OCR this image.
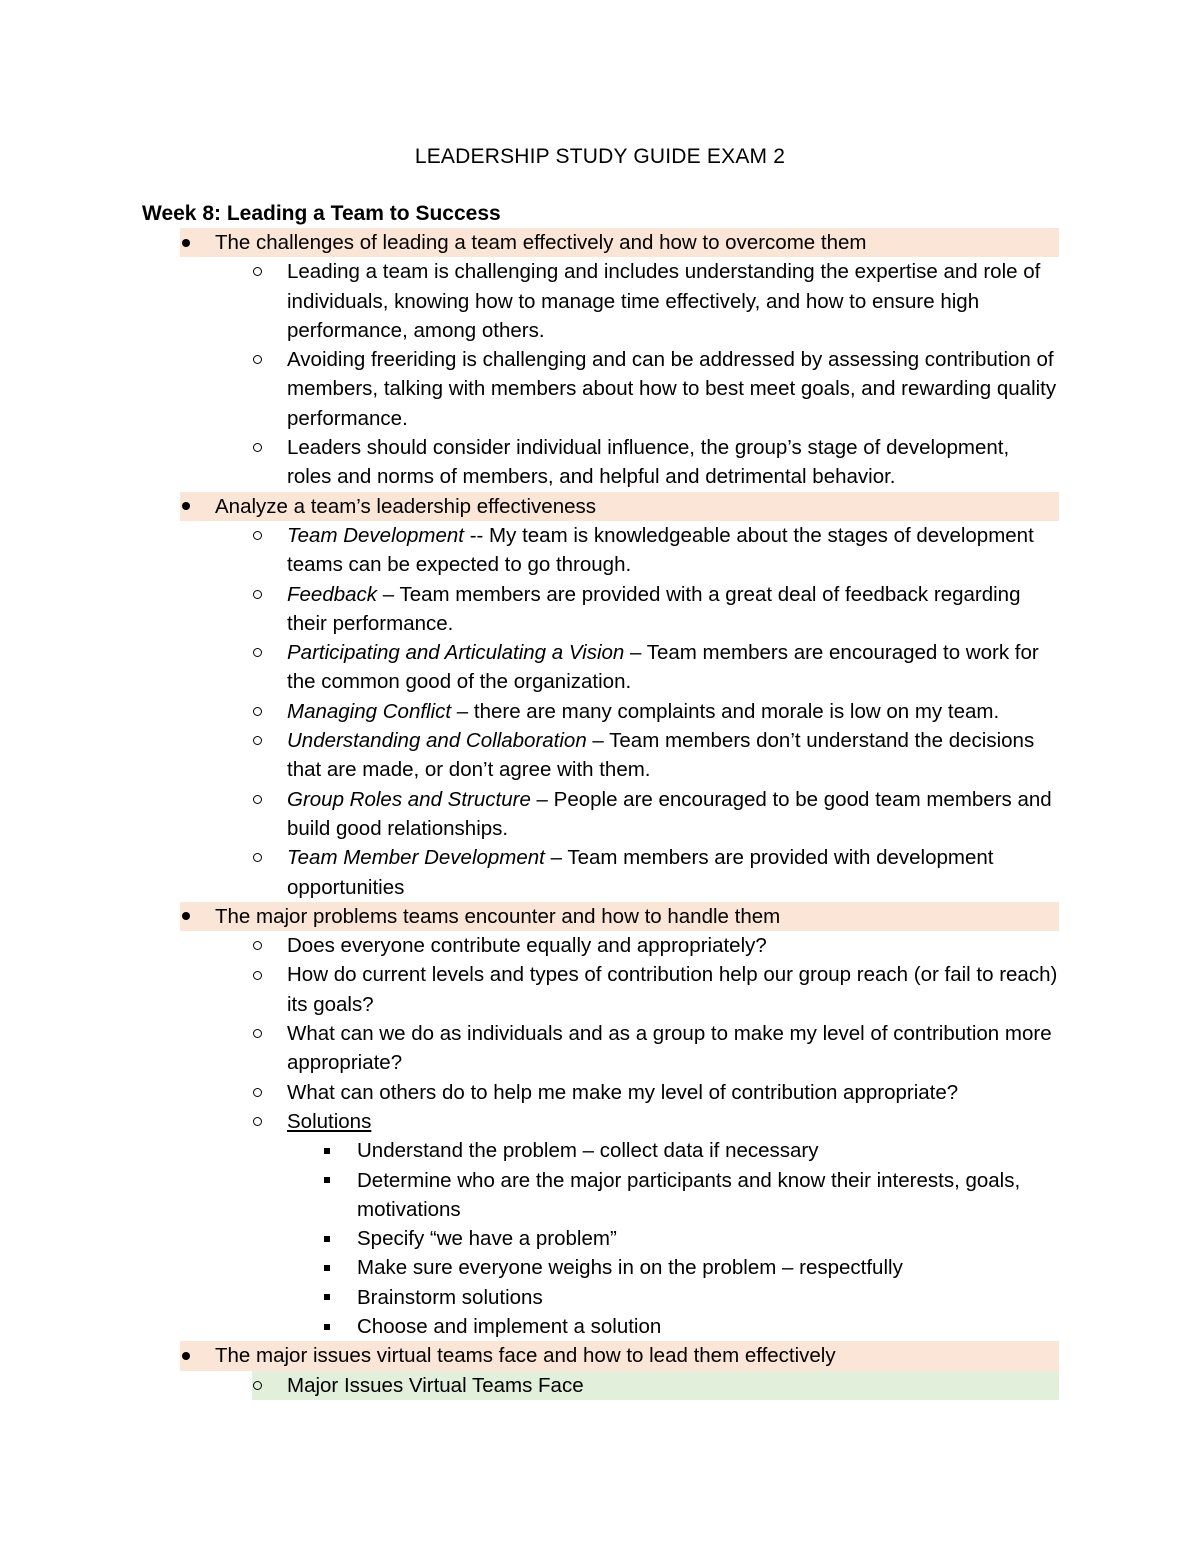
LEADERSHIP STUDY GUIDE EXAM 2
Week 8: Leading a Team to Success
The challenges of leading a team effectively and how to overcome them
Leading a team is challenging and includes understanding the expertise and role of individuals, knowing how to manage time effectively, and how to ensure high performance, among others.
Avoiding freeriding is challenging and can be addressed by assessing contribution of members, talking with members about how to best meet goals, and rewarding quality performance.
Leaders should consider individual influence, the group’s stage of development, roles and norms of members, and helpful and detrimental behavior.
Analyze a team’s leadership effectiveness
Team Development -- My team is knowledgeable about the stages of development teams can be expected to go through.
Feedback – Team members are provided with a great deal of feedback regarding their performance.
Participating and Articulating a Vision – Team members are encouraged to work for the common good of the organization.
Managing Conflict – there are many complaints and morale is low on my team.
Understanding and Collaboration – Team members don’t understand the decisions that are made, or don’t agree with them.
Group Roles and Structure – People are encouraged to be good team members and build good relationships.
Team Member Development – Team members are provided with development opportunities
The major problems teams encounter and how to handle them
Does everyone contribute equally and appropriately?
How do current levels and types of contribution help our group reach (or fail to reach) its goals?
What can we do as individuals and as a group to make my level of contribution more appropriate?
What can others do to help me make my level of contribution appropriate?
Solutions
Understand the problem – collect data if necessary
Determine who are the major participants and know their interests, goals, motivations
Specify “we have a problem”
Make sure everyone weighs in on the problem – respectfully
Brainstorm solutions
Choose and implement a solution
The major issues virtual teams face and how to lead them effectively
Major Issues Virtual Teams Face
